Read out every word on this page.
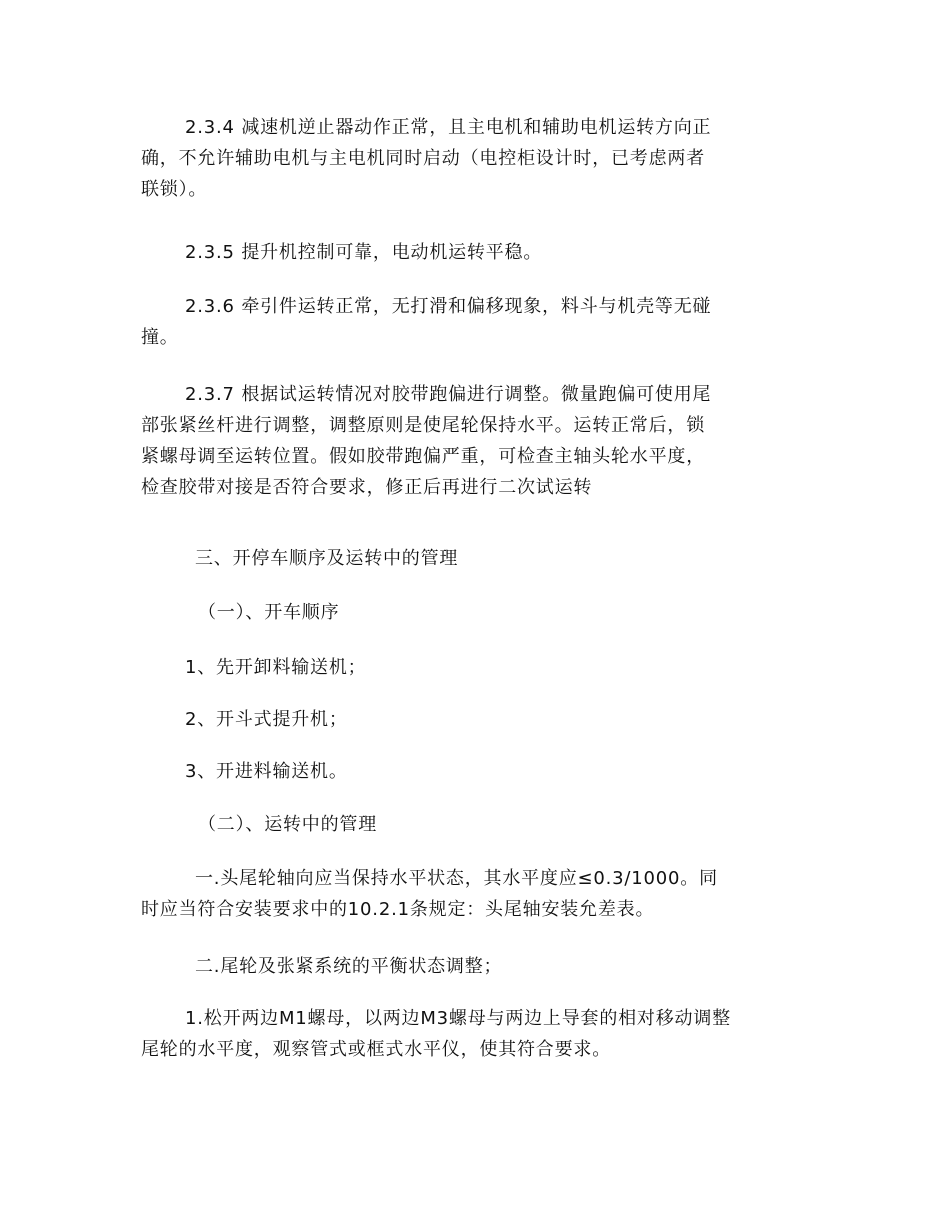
2.3.4 减速机逆止器动作正常，且主电机和辅助电机运转方向正
确，不允许辅助电机与主电机同时启动（电控柜设计时，已考虑两者
联锁）。
2.3.5 提升机控制可靠，电动机运转平稳。
2.3.6 牵引件运转正常，无打滑和偏移现象，料斗与机壳等无碰
撞。
2.3.7 根据试运转情况对胶带跑偏进行调整。微量跑偏可使用尾
部张紧丝杆进行调整，调整原则是使尾轮保持水平。运转正常后，锁
紧螺母调至运转位置。假如胶带跑偏严重，可检查主轴头轮水平度，
检查胶带对接是否符合要求，修正后再进行二次试运转
三、开停车顺序及运转中的管理
（一）、开车顺序
1、先开卸料输送机；
2、开斗式提升机；
3、开进料输送机。
（二）、运转中的管理
一.头尾轮轴向应当保持水平状态，其水平度应≤0.3/1000。同
时应当符合安装要求中的10.2.1条规定：头尾轴安装允差表。
二.尾轮及张紧系统的平衡状态调整；
1.松开两边M1螺母，以两边M3螺母与两边上导套的相对移动调整
尾轮的水平度，观察管式或框式水平仪，使其符合要求。
